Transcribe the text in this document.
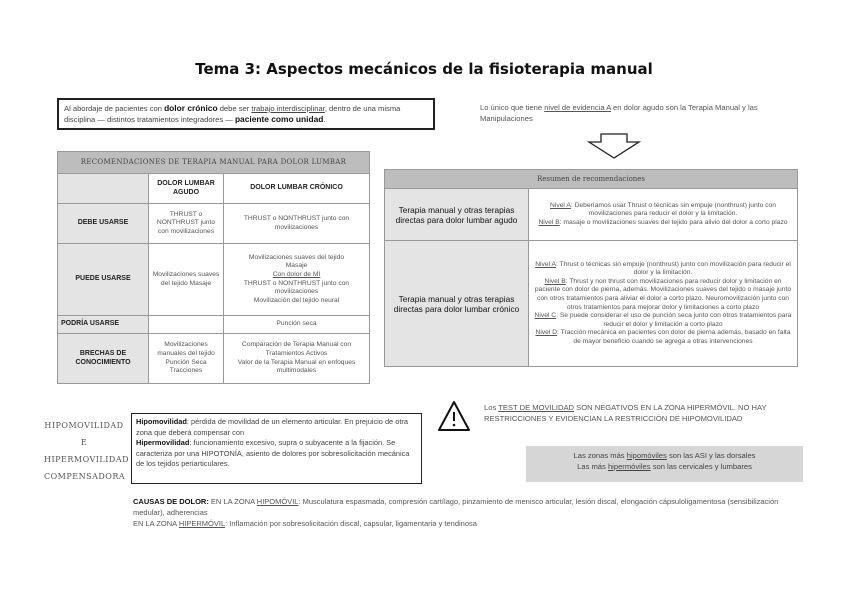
Tema 3: Aspectos mecánicos de la fisioterapia manual
Al abordaje de pacientes con dolor crónico debe ser trabajo interdisciplinar, dentro de una misma disciplina — distintos tratamientos integradores — paciente como unidad.
Lo único que tiene nivel de evidencia A en dolor agudo son la Terapia Manual y las Manipulaciones
RECOMENDACIONES DE TERAPIA MANUAL PARA DOLOR LUMBAR		
	DOLOR LUMBAR AGUDO	DOLOR LUMBAR CRÓNICO
DEBE USARSE	THRUST o NONTHRUST junto con movilizaciones	THRUST o NONTHRUST junto con movilizaciones
PUEDE USARSE	Movilizaciones suaves del tejido Masaje	Movilizaciones suaves del tejido
Masaje
Con dolor de MI
THRUST o NONTHRUST junto con movilizaciones
Movilización del tejido neural

PODRÍA USARSE		Punción seca
BRECHAS DE CONOCIMIENTO	Movilizaciones manuales del tejido Punción Seca Tracciones	Comparación de Terapia Manual con Tratamientos Activos
Valor de la Terapia Manual en enfoques multimodales
Resumen de recomendaciones	
Terapia manual y otras terapias directas para dolor lumbar agudo	Nivel A: Deberíamos usar Thrust o técnicas sin empuje (nonthrust) junto con movilizaciones para reducir el dolor y la limitación.
Nivel B: masaje o movilizaciones suaves del tejido para alivio del dolor a corto plazo

Terapia manual y otras terapias directas para dolor lumbar crónico	Nivel A: Thrust o técnicas sin empuje (nonthrust) junto con movilización para reducir el dolor y la limitación.
Nivel B: Thrust y non thrust con movilizaciones para reducir dolor y limitación en paciente con dolor de pierna, además. Movilizaciones suaves del tejido o masaje junto con otros tratamientos para aliviar el dolor a corto plazo. Neuromovilización junto con otros tratamientos para mejorar dolor y limitaciones a corto plazo
Nivel C: Se puede considerar el uso de punción seca junto con otros tratamientos para reducir el dolor y limitación a corto plazo
Nivel D: Tracción mecánica en pacientes con dolor de pierna además, basado en falta de mayor beneficio cuando se agrega a otras intervenciones
HIPOMOVILIDAD
E
HIPERMOVILIDAD
COMPENSADORA
Hipomovilidad: pérdida de movilidad de un elemento articular. En prejuicio de otra zona que deberá compensar con
Hipermovilidad: funcionamiento excesivo, supra o subyacente a la fijación. Se caracteriza por una HIPOTONÍA, asiento de dolores por sobresolicitación mecánica de los tejidos periarticulares.
Los TEST DE MOVILIDAD SON NEGATIVOS EN LA ZONA HIPERMÓVIL. NO HAY RESTRICCIONES Y EVIDENCIAN LA RESTRICCIÓN DE HIPOMOVILIDAD
Las zonas más hipomóviles son las ASI y las dorsales
Las más hipermóviles son las cervicales y lumbares
CAUSAS DE DOLOR: EN LA ZONA HIPOMÓVIL: Musculatura espasmada, compresión cartílago, pinzamiento de menisco articular, lesión discal, elongación cápsuloligamentosa (sensibilización medular), adherencias
EN LA ZONA HIPERMÓVIL: Inflamación por sobresolicitación discal, capsular, ligamentaria y tendinosa
